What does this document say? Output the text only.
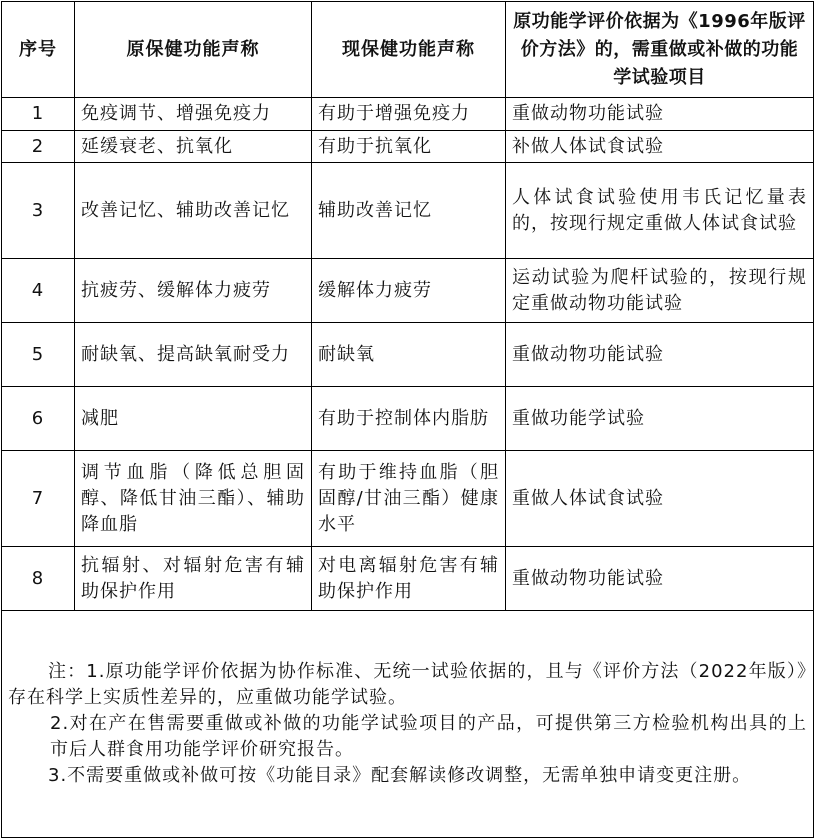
序号	原保健功能声称	现保健功能声称	原功能学评价依据为《1996年版评价方法》的，需重做或补做的功能学试验项目
1	免疫调节、增强免疫力	有助于增强免疫力	重做动物功能试验
2	延缓衰老、抗氧化	有助于抗氧化	补做人体试食试验
3	改善记忆、辅助改善记忆	辅助改善记忆	人体试食试验使用韦氏记忆量表的，按现行规定重做人体试食试验
4	抗疲劳、缓解体力疲劳	缓解体力疲劳	运动试验为爬杆试验的，按现行规定重做动物功能试验
5	耐缺氧、提高缺氧耐受力	耐缺氧	重做动物功能试验
6	减肥	有助于控制体内脂肪	重做功能学试验
7	调节血脂（降低总胆固醇、降低甘油三酯）、辅助降血脂	有助于维持血脂（胆固醇/甘油三酯）健康水平	重做人体试食试验
8	抗辐射、对辐射危害有辅助保护作用	对电离辐射危害有辅助保护作用	重做动物功能试验

注：1.原功能学评价依据为协作标准、无统一试验依据的，且与《评价方法（2022年版）》存在科学上实质性差异的，应重做功能学试验。

2.对在产在售需要重做或补做的功能学试验项目的产品，可提供第三方检验机构出具的上市后人群食用功能学评价研究报告。

3.不需要重做或补做可按《功能目录》配套解读修改调整，无需单独申请变更注册。			
